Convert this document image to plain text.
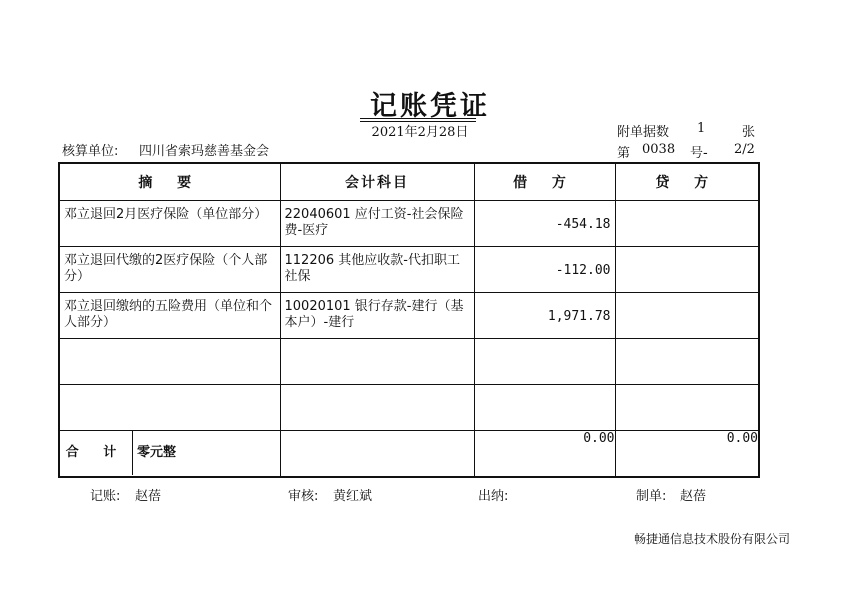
记账凭证
2021年2月28日
核算单位: 四川省索玛慈善基金会
附单据数 1	张
第 0038 号- 2/2
摘 要	会计科目	借 方	贷 方

邓立退回2月医疗保险（单位部分）	22040601 应付工资-社会保险费-医疗	-454.18	

邓立退回代缴的2医疗保险（个人部分）	112206 其他应收款-代扣职工社保	-112.00	

邓立退回缴纳的五险费用（单位和个人部分）	10020101 银行存款-建行（基本户）-建行	1,971.78	

合 计 零元整		0.00	0.00
记账: 赵蓓	审核: 黄红斌	出纳:	制单: 赵蓓
畅捷通信息技术股份有限公司
